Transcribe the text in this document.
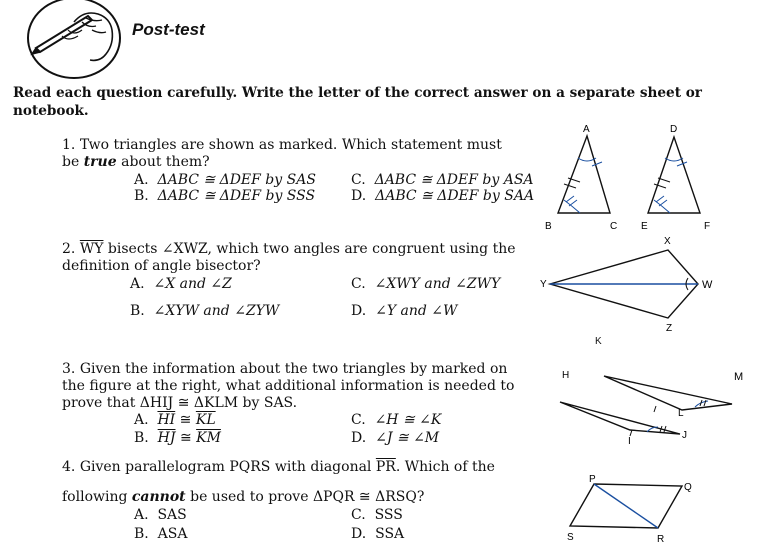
Post-test
Read each question carefully. Write the letter of the correct answer on a separate sheet or notebook.
1. Two triangles are shown as marked. Which statement must
be true about them?
A. ΔABC ≅ ΔDEF by SAS
B. ΔABC ≅ ΔDEF by SSS
C. ΔABC ≅ ΔDEF by ASA
D. ΔABC ≅ ΔDEF by SAA
A
B	C
D
E	F
2. $\overline{WY}$ bisects ∠XWZ, which two angles are congruent using the
definition of angle bisector?
A. ∠X and ∠Z
B. ∠XYW and ∠ZYW
C. ∠XWY and ∠ZWY
D. ∠Y and ∠W
X
Y	W
Z
3. Given the information about the two triangles by marked on
the figure at the right, what additional information is needed to
prove that ΔHIJ ≅ ΔKLM by SAS.
A. $\overline{HI}$ ≅ $\overline{KL}$
B. $\overline{HJ}$ ≅ $\overline{KM}$
C. ∠H ≅ ∠K
D. ∠J ≅ ∠M
H
I
J
L
M
K
4. Given parallelogram PQRS with diagonal $\overline{PR}$. Which of the
following cannot be used to prove ΔPQR ≅ ΔRSQ?
A. SAS
B. ASA
C. SSS
D. SSA
P
Q
R
S
